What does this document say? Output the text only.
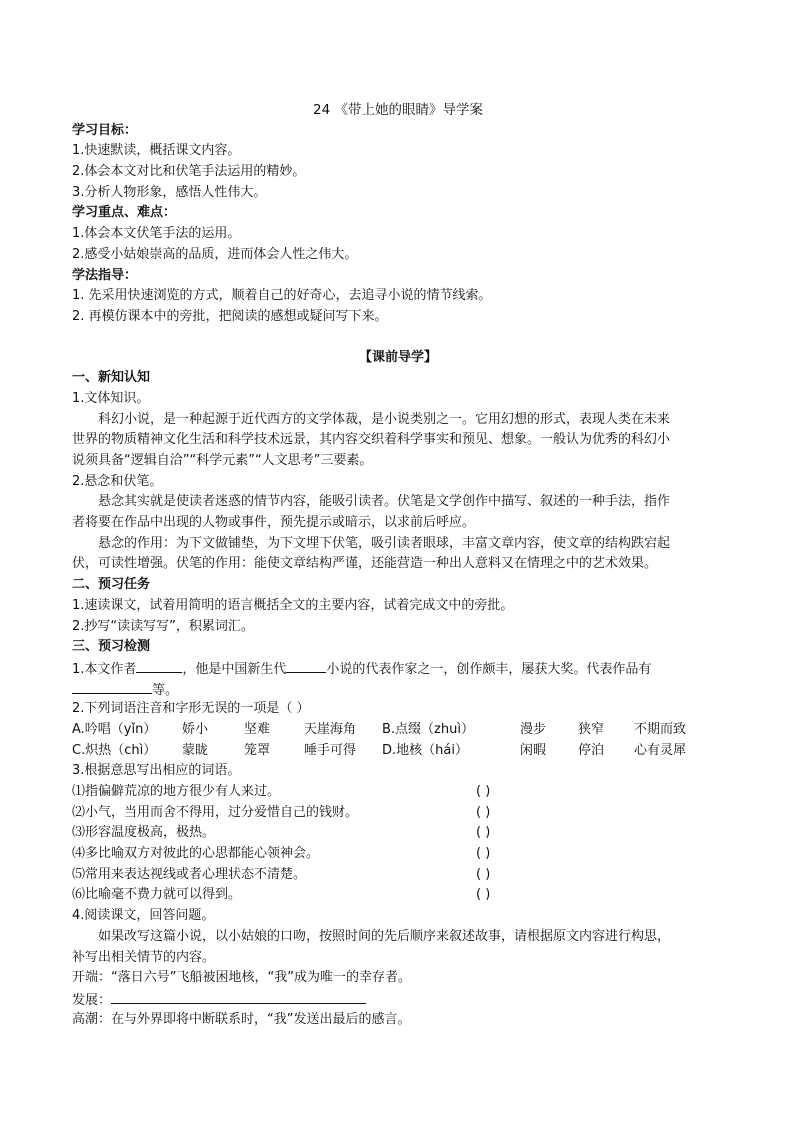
24 《带上她的眼睛》导学案
学习目标：
1.快速默读，概括课文内容。
2.体会本文对比和伏笔手法运用的精妙。
3.分析人物形象，感悟人性伟大。
学习重点、难点：
1.体会本文伏笔手法的运用。
2.感受小姑娘崇高的品质，进而体会人性之伟大。
学法指导：
1. 先采用快速浏览的方式，顺着自己的好奇心，去追寻小说的情节线索。
2. 再模仿课本中的旁批，把阅读的感想或疑问写下来。
【课前导学】
一、新知认知
1.文体知识。
科幻小说，是一种起源于近代西方的文学体裁，是小说类别之一。它用幻想的形式，表现人类在未来
世界的物质精神文化生活和科学技术远景，其内容交织着科学事实和预见、想象。一般认为优秀的科幻小
说须具备“逻辑自洽”“科学元素”“人文思考”三要素。
2.悬念和伏笔。
悬念其实就是使读者迷惑的情节内容，能吸引读者。伏笔是文学创作中描写、叙述的一种手法，指作
者将要在作品中出现的人物或事件，预先提示或暗示，以求前后呼应。
悬念的作用：为下文做铺垫，为下文埋下伏笔，吸引读者眼球，丰富文章内容，使文章的结构跌宕起
伏，可读性增强。伏笔的作用：能使文章结构严谨，还能营造一种出人意料又在情理之中的艺术效果。
二、预习任务
1.速读课文，试着用简明的语言概括全文的主要内容，试着完成文中的旁批。
2.抄写“读读写写”，积累词汇。
三、预习检测
1.本文作者	，他是中国新生代	小说的代表作家之一，创作颇丰，屡获大奖。代表作品有
等。
2.下列词语注音和字形无误的一项是（ ）
A.吟唱（yǐn） 娇小	坚难	天崖海角 B.点缀（zhuì）	漫步 狭窄 不期而致
C.炽热（chì） 蒙眬	笼罩	唾手可得 D.地核（hái）	闲暇 停泊 心有灵犀
3.根据意思写出相应的词语。
⑴指偏僻荒凉的地方很少有人来过。	( )
⑵小气，当用而舍不得用，过分爱惜自己的钱财。	( )
⑶形容温度极高，极热。	( )
⑷多比喻双方对彼此的心思都能心领神会。	( )
⑸常用来表达视线或者心理状态不清楚。	( )
⑹比喻毫不费力就可以得到。	( )
4.阅读课文，回答问题。
如果改写这篇小说，以小姑娘的口吻，按照时间的先后顺序来叙述故事，请根据原文内容进行构思，
补写出相关情节的内容。
开端：“落日六号”飞船被困地核，“我”成为唯一的幸存者。
发展：
高潮：在与外界即将中断联系时，“我”发送出最后的感言。
